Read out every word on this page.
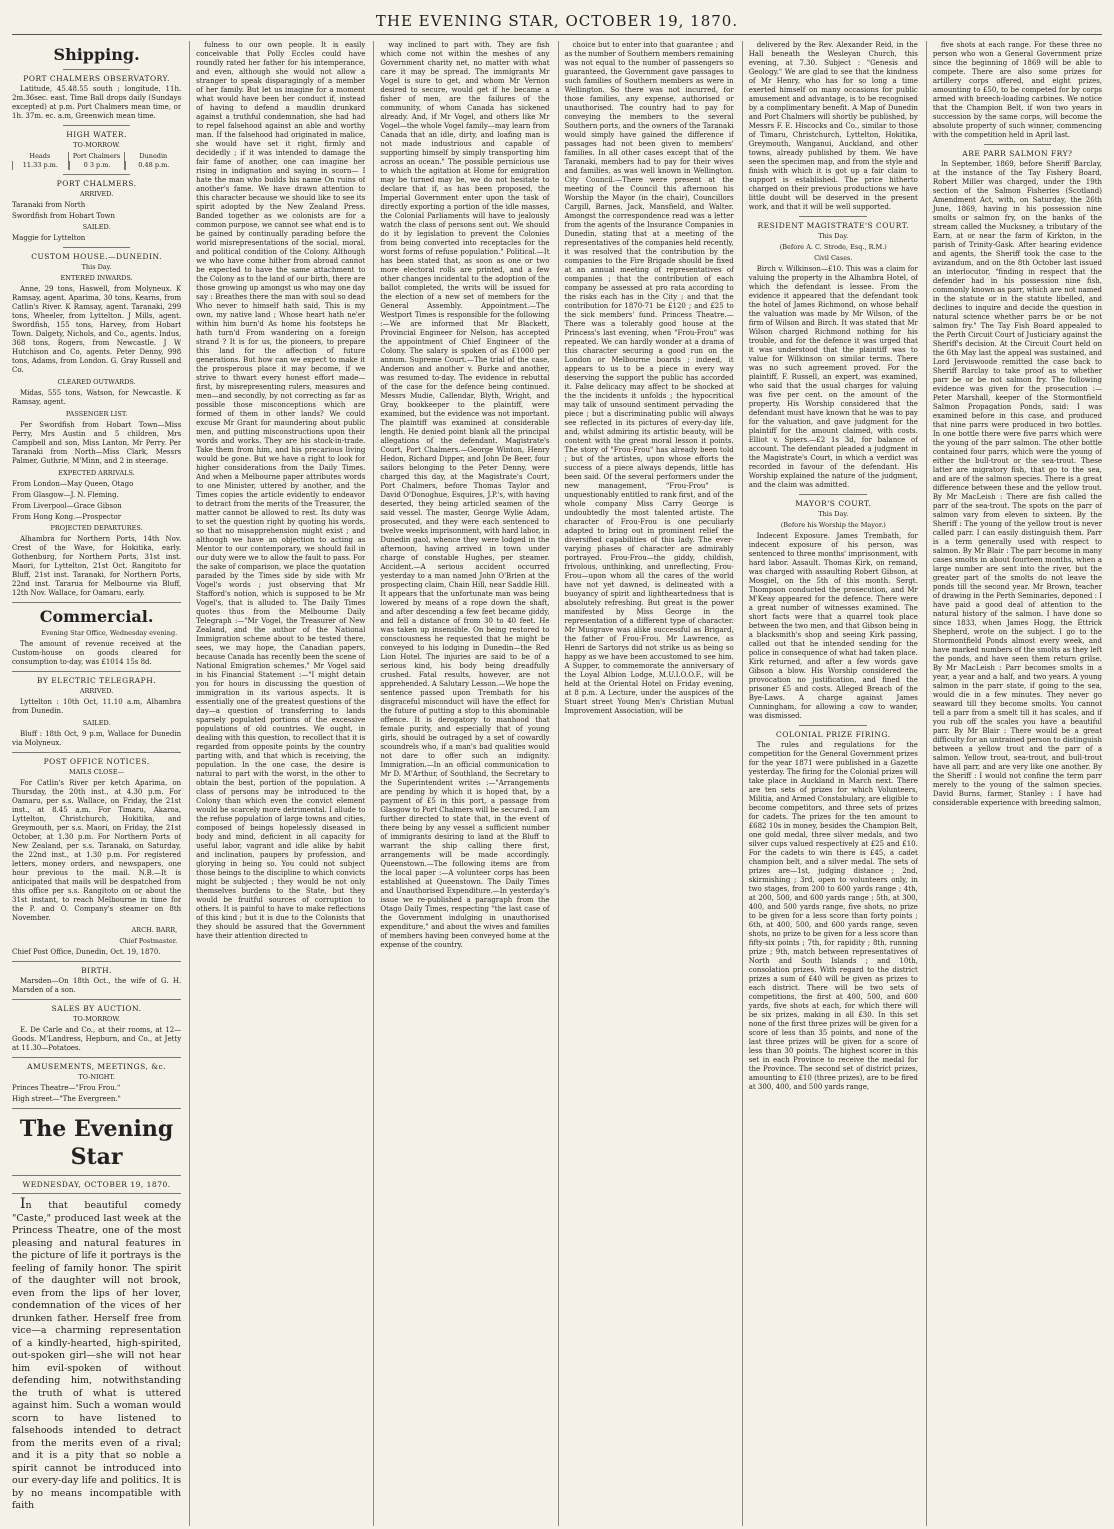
THE EVENING STAR, OCTOBER 19, 1870.
Shipping.
PORT CHALMERS OBSERVATORY.

Latitude, 45.48.55 south ; longitude, 11h. 2m.36sec. east. Time Ball drops daily (Sundays excepted) at p.m. Port Chalmers mean time, or 1h. 37m. ec. a.m, Greenwich mean time.

HIGH WATER.
TO-MORROW.
Heads
11.33 p.m.
Port Chalmers
0 3 p.m.
Dunedin
0.48 p.m.
PORT CHALMERS.
ARRIVED.

Taranaki from North

Swordfish from Hobart Town

SAILED.

Maggie for Lyttelton

CUSTOM HOUSE.—DUNEDIN.
This Day.
ENTERED INWARDS.

Anne, 29 tons, Haswell, from Molyneux. K Ramsay, agent. Aparima, 30 tons, Kearns, from Catlin's River. K Ramsay, agent. Taranaki, 299 tons, Wheeler, from Lyttelton. J Mills, agent. Swordfish, 155 tons, Harvey, from Hobart Town. Dalgety, Nichols, and Co., agents. Indus, 368 tons, Rogers, from Newcastle. J W Hutchison and Co, agents. Peter Denny, 998 tons, Adams, from London. G. Gray Russell and Co.

CLEARED OUTWARDS.

Midas, 555 tons, Watson, for Newcastle. K Ramsay, agent.

PASSENGER LIST.

Per Swordfish from Hobart Town—Miss Perry, Mrs Austin and 5 children, Mrs Campbell and son, Miss Lanton, Mr Perry. Per Taranaki from North—Miss Clark, Messrs Palmer, Guthrie, M'Minn, and 2 in steerage.

EXPECTED ARRIVALS.

From London—May Queen, Otago

From Glasgow—J. N. Fleming.

From Liverpool—Grace Gibson

From Hong Kong.—Prospector

PROJECTED DEPARTURES.

Alhambra for Northern Ports, 14th Nov. Crest of the Wave, for Hokitika, early. Gothenburg, for Northern Ports, 31st inst. Maori, for Lyttelton, 21st Oct. Rangitoto for Bluff, 21st inst. Taranaki, for Northern Ports, 22nd inst. Tararua for Melbourne via Bluff, 12th Nov. Wallace, for Oamaru, early.

Commercial.
Evening Star Office, Wednesday evening.

The amount of revenue received at the Custom-house on goods cleared for consumption to-day, was £1014 15s 8d.

BY ELECTRIC TELEGRAPH.
ARRIVED.

Lyttelton : 10th Oct, 11.10 a.m, Alhambra from Dunedin.

SAILED.

Bluff : 18th Oct, 9 p.m, Wallace for Dunedin via Molyneux.

POST OFFICE NOTICES.
MAILS CLOSE—

For Catlin's River per ketch Aparima, on Thursday, the 20th inst., at 4.30 p.m. For Oamaru, per s.s. Wallace, on Friday, the 21st inst., at 8.45 a.m. For Timaru, Akaroa, Lyttelton, Christchurch, Hokitika, and Greymouth, per s.s. Maori, on Friday, the 21st October, at 1.30 p.m. For Northern Ports of New Zealand, per s.s. Taranaki, on Saturday, the 22nd inst., at 1.30 p.m. For registered letters, money orders, and newspapers, one hour previous to the mail. N.B.—It is anticipated that mails will be despatched from this office per s.s. Rangitoto on or about the 31st instant, to reach Melbourne in time for the P. and O. Company's steamer on 8th November.

ARCH. BARR,
Chief Postmaster.

Chief Post Office, Dunedin, Oct. 19, 1870.

BIRTH.

Marsden—On 18th Oct., the wife of G. H. Marsden of a son.

SALES BY AUCTION.
TO-MORROW.

E. De Carle and Co., at their rooms, at 12—Goods. M'Landress, Hepburn, and Co., at Jetty at 11.30—Potatoes.

AMUSEMENTS, MEETINGS, &c.
TO-NIGHT.

Princes Theatre—"Frou Frou."

High street—"The Evergreen."

The Evening Star
WEDNESDAY, OCTOBER 19, 1870.

In that beautiful comedy "Caste," produced last week at the Princess Theatre, one of the most pleasing and natural features in the picture of life it portrays is the feeling of family honor. The spirit of the daughter will not brook, even from the lips of her lover, condemnation of the vices of her drunken father. Herself free from vice—a charming representation of a kindly-hearted, high-spirited, out-spoken girl—she will not hear him evil-spoken of without defending him, notwithstanding the truth of what is uttered against him. Such a woman would scorn to have listened to falsehoods intended to detract from the merits even of a rival; and it is a pity that so noble a spirit cannot be introduced into our every-day life and politics. It is by no means incompatible with faith

fulness to our own people. It is easily conceivable that Polly Eccles could have roundly rated her father for his intemperance, and even, although she would not allow a stranger to speak disparagingly of a member of her family. But let us imagine for a moment what would have been her conduct if, instead of having to defend a maudlin drunkard against a truthful condemnation, she had had to repel falsehood against an able and worthy man. If the falsehood had originated in malice, she would have set it right, firmly and decidedly ; if it was intended to damage the fair fame of another, one can imagine her rising in indignation and saying in scorn— I hate the man who builds his name On ruins of another's fame. We have drawn attention to this character because we should like to see its spirit adopted by the New Zealand Press. Banded together as we colonists are for a common purpose, we cannot see what end is to be gained by continually parading before the world misrepresentations of the social, moral, and political condition of the Colony. Although we who have come hither from abroad cannot be expected to have the same attachment to the Colony as to the land of our birth, there are those growing up amongst us who may one day say : Breathes there the man with soul so dead Who never to himself hath said, This is my own, my native land ; Whose heart hath ne'er within him burn'd As home his footsteps he hath turn'd From wandering on a foreign strand ? It is for us, the pioneers, to prepare this land for the affection of future generations. But how can we expect to make it the prosperous place it may become, if we strive to thwart every honest effort made—first, by misrepresenting rulers, measures and men—and secondly, by not correcting as far as possible those misconceptions which are formed of them in other lands? We could excuse Mr Grant for maundering about public men, and putting misconstructions upon their words and works. They are his stock-in-trade. Take them from him, and his precarious living would be gone. But we have a right to look for higher considerations from the Daily Times. And when a Melbourne paper attributes words to one Minister, uttered by another, and the Times copies the article evidently to endeavor to detract from the merits of the Treasurer, the matter cannot be allowed to rest. Its duty was to set the question right by quoting his words, so that no misapprehension might exist ; and although we have an objection to acting as Mentor to our contemporary, we should fail in our duty were we to allow the fault to pass. For the sake of comparison, we place the quotation paraded by the Times side by side with Mr Vogel's words ; just observing that Mr Stafford's notion, which is supposed to be Mr Vogel's, that is alluded to. The Daily Times quotes thus from the Melbourne Daily Telegraph :—"Mr Vogel, the Treasurer of New Zealand, and the author of the National Immigration scheme about to be tested there, sees, we may hope, the Canadian papers, because Canada has recently been the scene of National Emigration schemes." Mr Vogel said in his Financial Statement :—"I might detain you for hours in discussing the question of immigration in its various aspects. It is essentially one of the greatest questions of the day—a question of transferring to lands sparsely populated portions of the excessive populations of old countries. We ought, in dealing with this question, to recollect that it is regarded from opposite points by the country parting with, and that which is receiving, the population. In the one case, the desire is natural to part with the worst, in the other to obtain the best, portion of the population. A class of persons may be introduced to the Colony than which even the convict element would be scarcely more detrimental. I allude to the refuse population of large towns and cities, composed of beings hopelessly diseased in body and mind, deficient in all capacity for useful labor, vagrant and idle alike by habit and inclination, paupers by profession, and glorying in being so. You could not subject those beings to the discipline to which convicts might be subjected ; they would be not only themselves burdens to the State, but they would be fruitful sources of corruption to others. It is painful to have to make reflections of this kind ; but it is due to the Colonists that they should be assured that the Government have their attention directed to

way inclined to part with. They are fish which come not within the meshes of any Government charity net, no matter with what care it may be spread. The immigrants Mr Vogel is sure to get, and whom Mr Vernon desired to secure, would get if he became a fisher of men, are the failures of the community, of whom Canada has sickened already. And, if Mr Vogel, and others like Mr Vogel—the whole Vogel family—may learn from Canada that an idle, dirty, and loafing man is not made industrious and capable of supporting himself by simply transporting him across an ocean." The possible pernicious use to which the agitation at Home for emigration may be turned may be, we do not hesitate to declare that if, as has been proposed, the Imperial Government enter upon the task of directly exporting a portion of the idle masses, the Colonial Parliaments will have to jealously watch the class of persons sent out. We should do it by legislation to prevent the Colonies from being converted into receptacles for the worst forms of refuse population." Political.—It has been stated that, as soon as one or two more electoral rolls are printed, and a few other changes incidental to the adoption of the ballot completed, the writs will be issued for the election of a new set of members for the General Assembly. Appointment.—The Westport Times is responsible for the following :—We are informed that Mr Blackett, Provincial Engineer for Nelson, has accepted the appointment of Chief Engineer of the Colony. The salary is spoken of as £1000 per annum. Supreme Court.—The trial of the case, Anderson and another v. Burke and another, was resumed to-day. The evidence in rebuttal of the case for the defence being continued. Messrs Mudie, Callendar, Blyth, Wright, and Gray, bookkeeper to the plaintiff, were examined, but the evidence was not important. The plaintiff was examined at considerable length. He denied point blank all the principal allegations of the defendant. Magistrate's Court, Port Chalmers.—George Winton, Henry Hedon, Richard Dipper, and John De Beer, four sailors belonging to the Peter Denny, were charged this day, at the Magistrate's Court, Port Chalmers, before Thomas Taylor and David O'Donoghue, Esquires, J.P.'s, with having deserted, they being articled seamen of the said vessel. The master, George Wylie Adam, prosecuted, and they were each sentenced to twelve weeks imprisonment, with hard labor, in Dunedin gaol, whence they were lodged in the afternoon, having arrived in town under charge of constable Hughes, per steamer. Accident.—A serious accident occurred yesterday to a man named John O'Brien at the prospecting claim, Chain Hill, near Saddle Hill. It appears that the unfortunate man was being lowered by means of a rope down the shaft, and after descending a few feet became giddy, and fell a distance of from 30 to 40 feet. He was taken up insensible. On being restored to consciousness he requested that he might be conveyed to his lodging in Dunedin—the Red Lion Hotel. The injuries are said to be of a serious kind, his body being dreadfully crushed. Fatal results, however, are not apprehended. A Salutary Lesson.—We hope the sentence passed upon Trembath for his disgraceful misconduct will have the effect for the future of putting a stop to this abominable offence. It is derogatory to manhood that female purity, and especially that of young girls, should be outraged by a set of cowardly scoundrels who, if a man's bad qualities would not dare to offer such an indignity. Immigration.—In an official communication to Mr D. M'Arthur, of Southland, the Secretary to the Superintendent writes :—"Arrangements are pending by which it is hoped that, by a payment of £5 in this port, a passage from Glasgow to Port Chalmers will be secured. I am further directed to state that, in the event of there being by any vessel a sufficient number of immigrants desiring to land at the Bluff to warrant the ship calling there first, arrangements will be made accordingly. Queenstown.—The following items are from the local paper :—A volunteer corps has been established at Queenstown. The Daily Times and Unauthorised Expenditure.—In yesterday's issue we re-published a paragraph from the Otago Daily Times, respecting "the last case of the Government indulging in unauthorised expenditure," and about the wives and families of members having been conveyed home at the expense of the country.

choice but to enter into that guarantee ; and as the number of Southern members remaining was not equal to the number of passengers so guaranteed, the Government gave passages to such families of Southern members as were in Wellington. So there was not incurred, for those families, any expense, authorised or unauthorised. The country had to pay for conveying the members to the several Southern ports, and the owners of the Taranaki would simply have gained the difference if passages had not been given to members' families. In all other cases except that of the Taranaki, members had to pay for their wives and families, as was well known in Wellington. City Council.—There were present at the meeting of the Council this afternoon his Worship the Mayor (in the chair), Councillors Cargill, Barnes, Jack, Mansfield, and Walter. Amongst the correspondence read was a letter from the agents of the Insurance Companies in Dunedin, stating that at a meeting of the representatives of the companies held recently, it was resolved that the contribution by the companies to the Fire Brigade should be fixed at an annual meeting of representatives of companies ; that the contribution of each company be assessed at pro rata according to the risks each has in the City ; and that the contribution for 1870-71 be £120 ; and £25 to the sick members' fund. Princess Theatre.—There was a tolerably good house at the Princess's last evening, when "Frou-Frou" was repeated. We can hardly wonder at a drama of this character securing a good run on the London or Melbourne boards ; indeed, it appears to us to be a piece in every way deserving the support the public has accorded it. False delicacy may affect to be shocked at the the incidents it unfolds ; the hypocritical may talk of unsound sentiment pervading the piece ; but a discriminating public will always see reflected in its pictures of every-day life, and, whilst admiring its artistic beauty, will be content with the great moral lesson it points. The story of "Frou-Frou" has already been told ; but of the artistes, upon whose efforts the success of a piece always depends, little has been said. Of the several performers under the new management, "Frou-Frou" is unquestionably entitled to rank first, and of the whole company Miss Carry George is undoubtedly the most talented artiste. The character of Frou-Frou is one peculiarly adapted to bring out in prominent relief the diversified capabilities of this lady. The ever-varying phases of character are admirably portrayed. Frou-Frou—the giddy, childish, frivolous, unthinking, and unreflecting, Frou-Frou—upon whom all the cares of the world have not yet dawned, is delineated with a buoyancy of spirit and lightheartedness that is absolutely refreshing. But great is the power manifested by Miss George in the representation of a different type of character. Mr Musgrave was alike successful as Brigard, the father of Frou-Frou. Mr Lawrence, as Henri de Sartorys did not strike us as being so happy as we have been accustomed to see him. A Supper, to commemorate the anniversary of the Loyal Albion Lodge, M.U.I.O.O.F., will be held at the Oriental Hotel on Friday evening, at 8 p.m. A Lecture, under the auspices of the Stuart street Young Men's Christian Mutual Improvement Association, will be

delivered by the Rev. Alexander Reid, in the Hall beneath the Wesleyan Church, this evening, at 7.30. Subject : "Genesis and Geology." We are glad to see that the kindness of Mr Henry, who has for so long a time exerted himself on many occasions for public amusement and advantage, is to be recognised by a complimentary benefit. A Map of Dunedin and Port Chalmers will shortly be published, by Messrs F. E. Hiscocks and Co., similar to those of Timaru, Christchurch, Lyttelton, Hokitika, Greymouth, Wanganui, Auckland, and other towns, already published by them. We have seen the specimen map, and from the style and finish with which it is got up a fair claim to support is established. The price hitherto charged on their previous productions we have little doubt will be deserved in the present work, and that it will be well supported.

RESIDENT MAGISTRATE'S COURT.
This Day.
(Before A. C. Strode, Esq., R.M.)
Civil Cases.

Birch v. Wilkinson—£10. This was a claim for valuing the property in the Alhambra Hotel, of which the defendant is lessee. From the evidence it appeared that the defendant took the hotel of James Richmond, on whose behalf the valuation was made by Mr Wilson, of the firm of Wilson and Birch. It was stated that Mr Wilson charged Richmond nothing for his trouble, and for the defence it was urged that it was understood that the plaintiff was to value for Wilkinson on similar terms. There was no such agreement proved. For the plaintiff, F. Russell, an expert, was examined, who said that the usual charges for valuing was five per cent. on the amount of the property. His Worship considered that the defendant must have known that he was to pay for the valuation, and gave judgment for the plaintiff for the amount claimed, with costs. Elliot v. Spiers.—£2 1s 3d, for balance of account. The defendant pleaded a judgment in the Magistrate's Court, in which a verdict was recorded in favour of the defendant. His Worship explained the nature of the judgment, and the claim was admitted.

MAYOR'S COURT.
This Day.
(Before his Worship the Mayor.)

Indecent Exposure. James Trembath, for indecent exposure of his person, was sentenced to three months' imprisonment, with hard labor. Assault. Thomas Kirk, on remand, was charged with assaulting Robert Gibson, at Mosgiel, on the 5th of this month. Sergt. Thompson conducted the prosecution, and Mr M'Keay appeared for the defence. There were a great number of witnesses examined. The short facts were that a quarrel took place between the two men, and that Gibson being in a blacksmith's shop and seeing Kirk passing, called out that he intended sending for the police in consequence of what had taken place. Kirk returned, and after a few words gave Gibson a blow. His Worship considered the provocation no justification, and fined the prisoner £5 and costs. Alleged Breach of the Bye-Laws. A charge against James Cunningham, for allowing a cow to wander, was dismissed.

COLONIAL PRIZE FIRING.

The rules and regulations for the competition for the General Government prizes for the year 1871 were published in a Gazette yesterday. The firing for the Colonial prizes will take place in Auckland in March next. There are ten sets of prizes for which Volunteers, Militia, and Armed Constabulary, are eligible to become competitors, and three sets of prizes for cadets. The prizes for the ten amount to £682 10s in money, besides the Champion Belt, one gold medal, three silver medals, and two silver cups valued respectively at £25 and £10. For the cadets to win there is £45, a cadet champion belt, and a silver medal. The sets of prizes are—1st, judging distance ; 2nd, skirmishing ; 3rd, open to volunteers only, in two stages, from 200 to 600 yards range ; 4th, at 200, 500, and 600 yards range ; 5th, at 300, 400, and 500 yards range, five shots, no prize to be given for a less score than forty points ; 6th, at 400, 500, and 600 yards range, seven shots, no prize to be given for a less score than fifty-six points ; 7th, for rapidity ; 8th, running prize ; 9th, match between representatives of North and South Islands ; and 10th, consolation prizes. With regard to the district prizes a sum of £40 will be given as prizes to each district. There will be two sets of competitions, the first at 400, 500, and 600 yards, five shots at each, for which there will be six prizes, making in all £30. In this set none of the first three prizes will be given for a score of less than 35 points, and none of the last three prizes will be given for a score of less than 30 points. The highest scorer in this set in each Province to receive the medal for the Province. The second set of district prizes, amounting to £10 (three prizes), are to be fired at 300, 400, and 500 yards range,

five shots at each range. For these three no person who won a General Government prize since the beginning of 1869 will be able to compete. There are also some prizes for artillery corps offered, and eight prizes, amounting to £50, to be competed for by corps armed with breech-loading carbines. We notice that the Champion Belt, if won two years in succession by the same corps, will become the absolute property of such winner, commencing with the competition held in April last.

ARE PARR SALMON FRY?

In September, 1869, before Sheriff Barclay, at the instance of the Tay Fishery Board, Robert Miller was charged, under the 19th section of the Salmon Fisheries (Scotland) Amendment Act, with, on Saturday, the 26th June, 1869, having in his possession nine smolts or salmon fry, on the banks of the stream called the Mucksney, a tributary of the Earn, at or near the farm of Kirkton, in the parish of Trinity-Gask. After hearing evidence and agents, the Sheriff took the case to the avizandum, and on the 8th October last issued an interlocutor, "finding in respect that the defender had in his possession nine fish, commonly known as parr, which are not named in the statute or in the statute libelled, and declines to inquire and decide the question in natural science whether parrs be or be not salmon fry." The Tay Fish Board appealed to the Perth Circuit Court of Justiciary against the Sheriff's decision. At the Circuit Court held on the 6th May last the appeal was sustained, and Lord Jerviswoode remitted the case back to Sheriff Barclay to take proof as to whether parr be or be not salmon fry. The following evidence was given for the prosecution :— Peter Marshall, keeper of the Stormontfield Salmon Propagation Ponds, said: I was examined before in this case, and produced that nine parrs were produced in two bottles. In one bottle there were five parrs which were the young of the parr salmon. The other bottle contained four parrs, which were the young of either the bull-trout or the sea-trout. These latter are migratory fish, that go to the sea, and are of the salmon species. There is a great difference between these and the yellow trout. By Mr MacLeish : There are fish called the parr of the sea-trout. The spots on the parr of salmon vary from eleven to sixteen. By the Sheriff : The young of the yellow trout is never called parr. I can easily distinguish them. Parr is a term generally used with respect to salmon. By Mr Blair : The parr become in many cases smolts in about fourteen months, when a large number are sent into the river, but the greater part of the smolts do not leave the ponds till the second year. Mr Brown, teacher of drawing in the Perth Seminaries, deponed : I have paid a good deal of attention to the natural history of the salmon. I have done so since 1833, when James Hogg, the Ettrick Shepherd, wrote on the subject. I go to the Stormontfield Ponds almost every week, and have marked numbers of the smolts as they left the ponds, and have seen them return grilse. By Mr MacLeish : Parr becomes smolts in a year, a year and a half, and two years. A young salmon in the parr state, if going to the sea, would die in a few minutes. They never go seaward till they become smolts. You cannot tell a parr from a smelt till it has scales, and if you rub off the scales you have a beautiful parr. By Mr Blair : There would be a great difficulty for an untrained person to distinguish between a yellow trout and the parr of a salmon. Yellow trout, sea-trout, and bull-trout have all parr, and are very like one another. By the Sheriff : I would not confine the term parr merely to the young of the salmon species. David Burns, farmer, Stanley : I have had considerable experience with breeding salmon,
